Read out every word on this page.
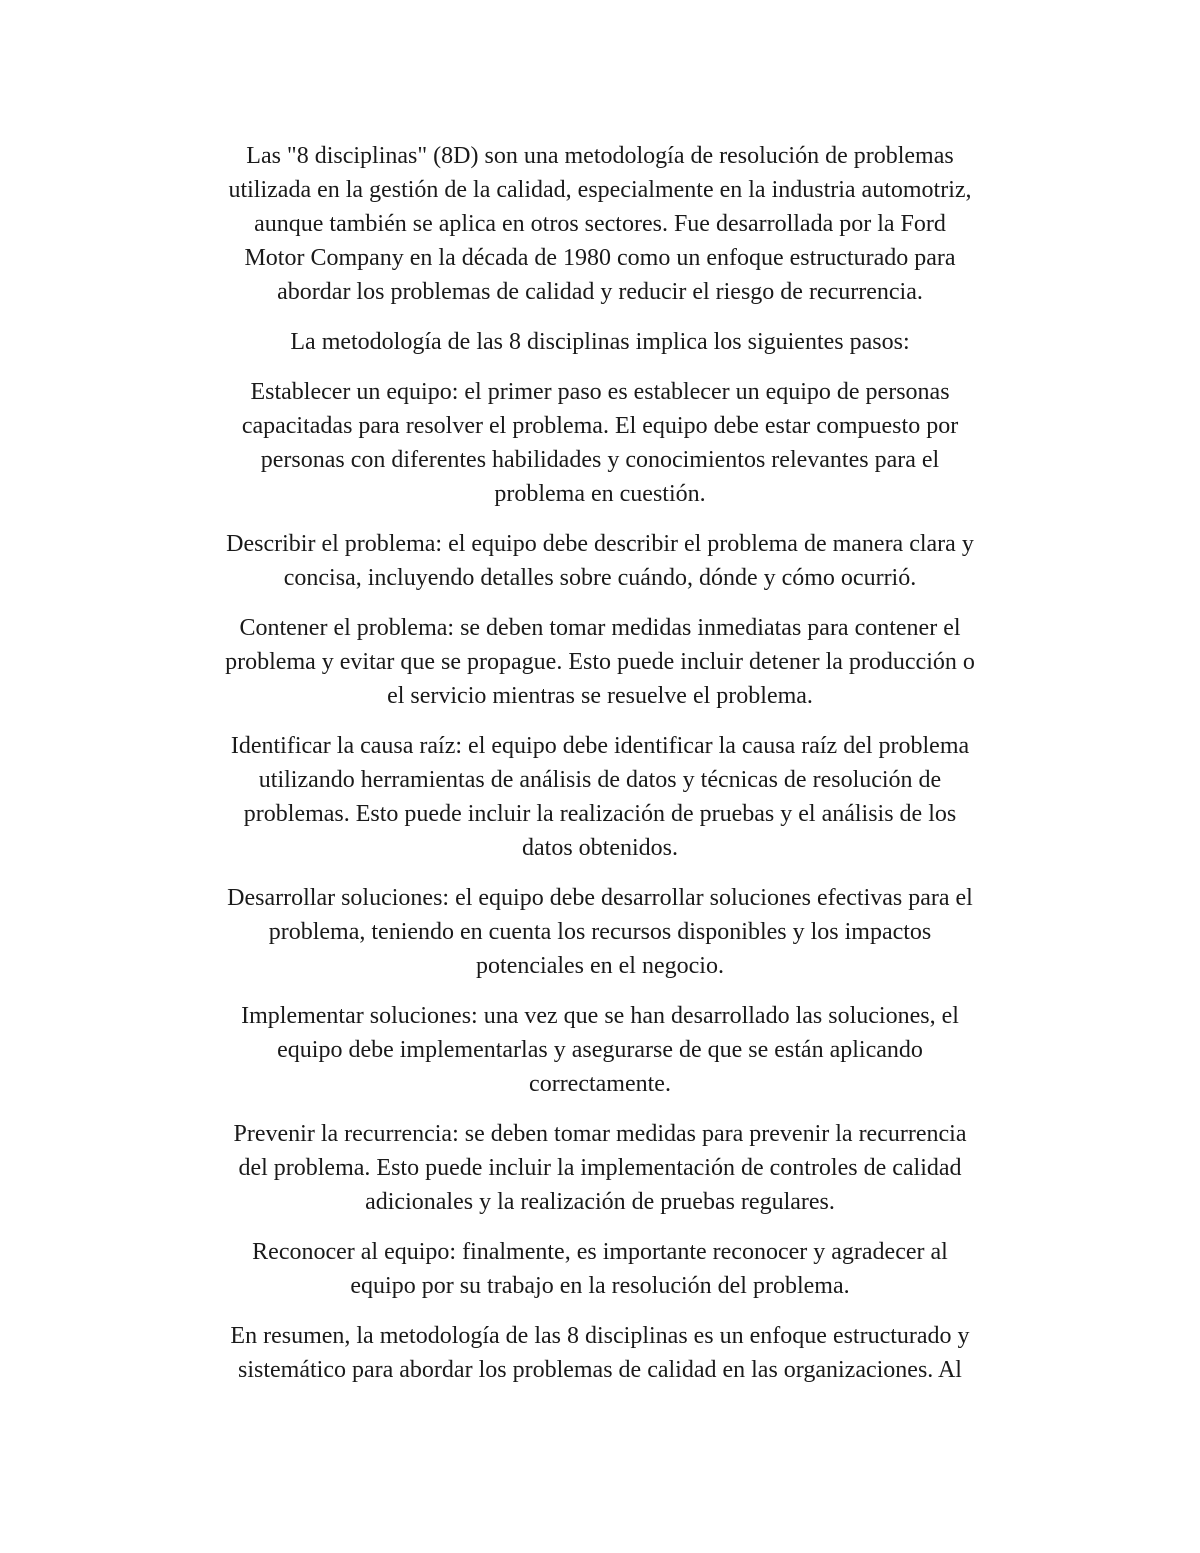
Las "8 disciplinas" (8D) son una metodología de resolución de problemas
utilizada en la gestión de la calidad, especialmente en la industria automotriz,
aunque también se aplica en otros sectores. Fue desarrollada por la Ford
Motor Company en la década de 1980 como un enfoque estructurado para
abordar los problemas de calidad y reducir el riesgo de recurrencia.

La metodología de las 8 disciplinas implica los siguientes pasos:

Establecer un equipo: el primer paso es establecer un equipo de personas
capacitadas para resolver el problema. El equipo debe estar compuesto por
personas con diferentes habilidades y conocimientos relevantes para el
problema en cuestión.

Describir el problema: el equipo debe describir el problema de manera clara y
concisa, incluyendo detalles sobre cuándo, dónde y cómo ocurrió.

Contener el problema: se deben tomar medidas inmediatas para contener el
problema y evitar que se propague. Esto puede incluir detener la producción o
el servicio mientras se resuelve el problema.

Identificar la causa raíz: el equipo debe identificar la causa raíz del problema
utilizando herramientas de análisis de datos y técnicas de resolución de
problemas. Esto puede incluir la realización de pruebas y el análisis de los
datos obtenidos.

Desarrollar soluciones: el equipo debe desarrollar soluciones efectivas para el
problema, teniendo en cuenta los recursos disponibles y los impactos
potenciales en el negocio.

Implementar soluciones: una vez que se han desarrollado las soluciones, el
equipo debe implementarlas y asegurarse de que se están aplicando
correctamente.

Prevenir la recurrencia: se deben tomar medidas para prevenir la recurrencia
del problema. Esto puede incluir la implementación de controles de calidad
adicionales y la realización de pruebas regulares.

Reconocer al equipo: finalmente, es importante reconocer y agradecer al
equipo por su trabajo en la resolución del problema.

En resumen, la metodología de las 8 disciplinas es un enfoque estructurado y
sistemático para abordar los problemas de calidad en las organizaciones. Al
